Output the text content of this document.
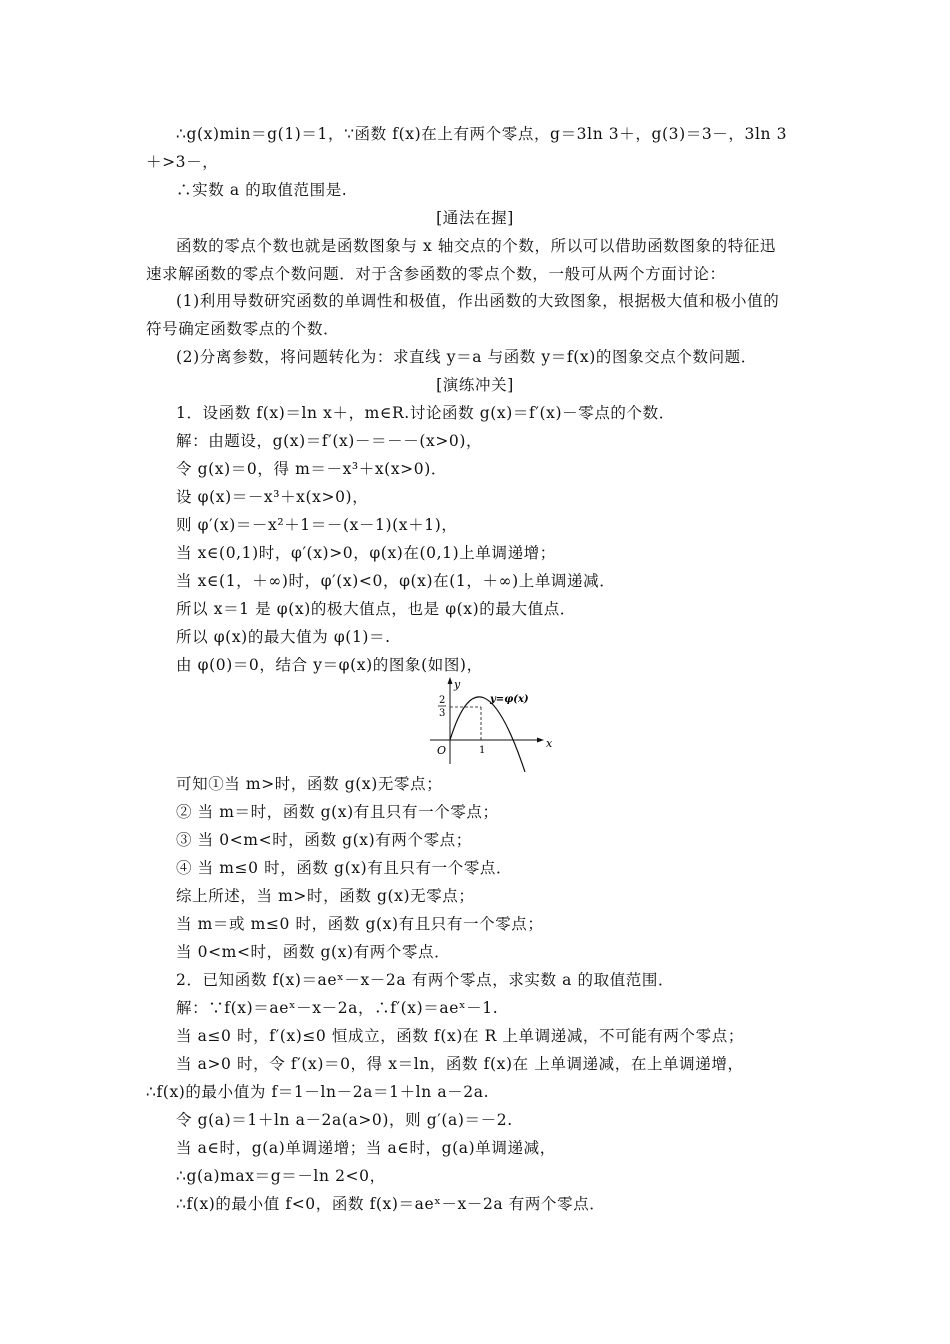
∴g(x)min＝g(1)＝1，∵函数 f(x)在上有两个零点，g＝3ln 3＋，g(3)＝3－，3ln 3
＋>3－，
∴实数 a 的取值范围是.
[通法在握]
函数的零点个数也就是函数图象与 x 轴交点的个数，所以可以借助函数图象的特征迅
速求解函数的零点个数问题．对于含参函数的零点个数，一般可从两个方面讨论：
(1)利用导数研究函数的单调性和极值，作出函数的大致图象，根据极大值和极小值的
符号确定函数零点的个数．
(2)分离参数，将问题转化为：求直线 y＝a 与函数 y＝f(x)的图象交点个数问题．
[演练冲关]
1．设函数 f(x)＝ln x＋，m∈R.讨论函数 g(x)＝f′(x)－零点的个数．
解：由题设，g(x)＝f′(x)－＝－－(x>0)，
令 g(x)＝0，得 m＝－x³＋x(x>0)．
设 φ(x)＝－x³＋x(x>0)，
则 φ′(x)＝－x²＋1＝－(x－1)(x＋1)，
当 x∈(0,1)时，φ′(x)>0，φ(x)在(0,1)上单调递增；
当 x∈(1，＋∞)时，φ′(x)<0，φ(x)在(1，＋∞)上单调递减．
所以 x＝1 是 φ(x)的极大值点，也是 φ(x)的最大值点．
所以 φ(x)的最大值为 φ(1)＝.
由 φ(0)＝0，结合 y＝φ(x)的图象(如图)，
y
x
O	1
2
3
y=φ(x)
可知①当 m>时，函数 g(x)无零点；
② 当 m＝时，函数 g(x)有且只有一个零点；
③ 当 0<m<时，函数 g(x)有两个零点；
④ 当 m≤0 时，函数 g(x)有且只有一个零点．
综上所述，当 m>时，函数 g(x)无零点；
当 m＝或 m≤0 时，函数 g(x)有且只有一个零点；
当 0<m<时，函数 g(x)有两个零点．
2．已知函数 f(x)＝aeˣ－x－2a 有两个零点，求实数 a 的取值范围．
解：∵f(x)＝aeˣ－x－2a，∴f′(x)＝aeˣ－1.
当 a≤0 时，f′(x)≤0 恒成立，函数 f(x)在 R 上单调递减，不可能有两个零点；
当 a>0 时，令 f′(x)＝0，得 x＝ln，函数 f(x)在 上单调递减，在上单调递增，
∴f(x)的最小值为 f＝1－ln－2a＝1＋ln a－2a.
令 g(a)＝1＋ln a－2a(a>0)，则 g′(a)＝－2.
当 a∈时，g(a)单调递增；当 a∈时，g(a)单调递减，
∴g(a)max＝g＝－ln 2<0，
∴f(x)的最小值 f<0，函数 f(x)＝aeˣ－x－2a 有两个零点．
